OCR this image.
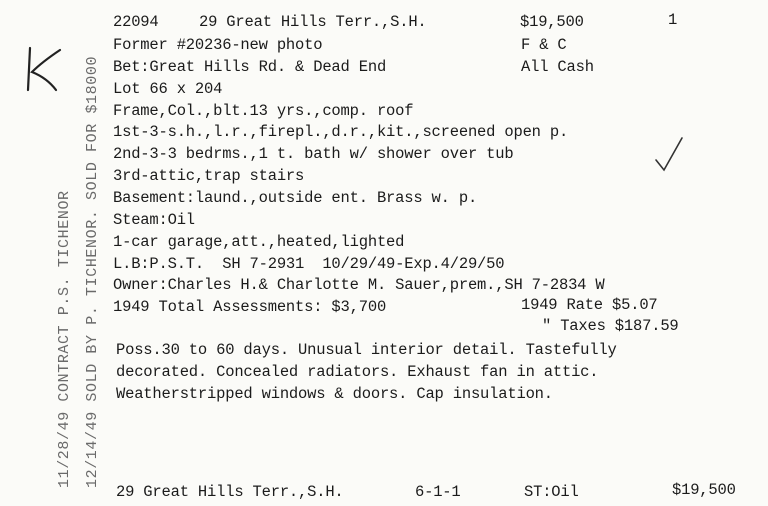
11/28/49 CONTRACT P.S. TICHENOR 12/14/49 SOLD BY P. TICHENOR. SOLD FOR $18000
22094	29 Great Hills Terr.,S.H.	$19,500	1
Former #20236-new photo	F & C
Bet:Great Hills Rd. & Dead End	All Cash
Lot 66 x 204
Frame,Col.,blt.13 yrs.,comp. roof
1st-3-s.h.,l.r.,firepl.,d.r.,kit.,screened open p.
2nd-3-3 bedrms.,1 t. bath w/ shower over tub
3rd-attic,trap stairs
Basement:laund.,outside ent. Brass w. p.
Steam:Oil
1-car garage,att.,heated,lighted
L.B:P.S.T.  SH 7-2931  10/29/49-Exp.4/29/50
Owner:Charles H.& Charlotte M. Sauer,prem.,SH 7-2834 W
1949 Total Assessments: $3,700	1949 Rate $5.07
" Taxes $187.59
Poss.30 to 60 days. Unusual interior detail. Tastefully
decorated. Concealed radiators. Exhaust fan in attic.
Weatherstripped windows & doors. Cap insulation.
29 Great Hills Terr.,S.H.	6-1-1	ST:Oil	$19,500
